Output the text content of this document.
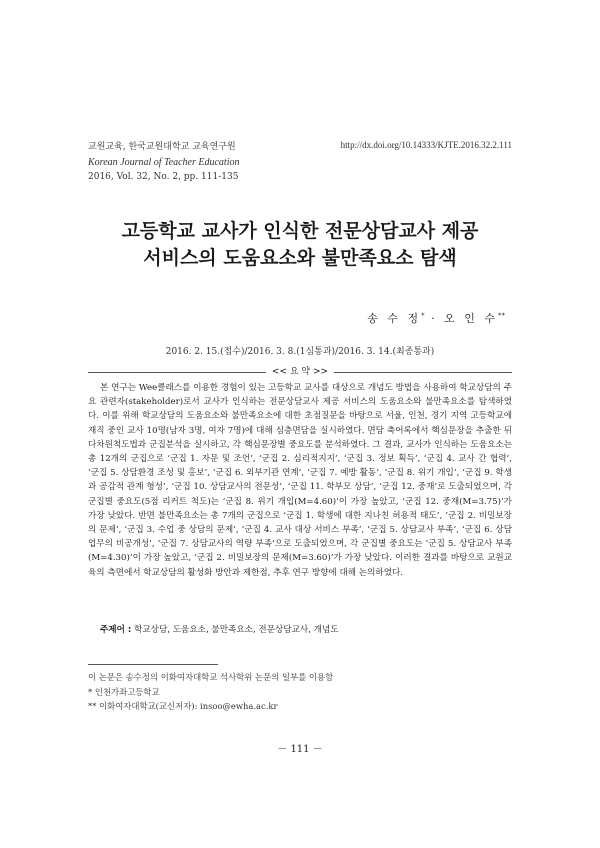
교원교육, 한국교원대학교 교육연구원
Korean Journal of Teacher Education
2016, Vol. 32, No. 2, pp. 111-135
http://dx.doi.org/10.14333/KJTE.2016.32.2.111
고등학교 교사가 인식한 전문상담교사 제공
서비스의 도움요소와 불만족요소 탐색
송 수 정* · 오 인 수**
2016. 2. 15.(접수)/2016. 3. 8.(1심통과)/2016. 3. 14.(최종통과)
<< 요 약 >>

본 연구는 Wee클래스를 이용한 경험이 있는 고등학교 교사를 대상으로 개념도 방법을 사용하여 학교상담의 주요 관련자(stakeholder)로서 교사가 인식하는 전문상담교사 제공 서비스의 도움요소와 불만족요소를 탐색하였다. 이를 위해 학교상담의 도움요소와 불만족요소에 대한 초점질문을 바탕으로 서울, 인천, 경기 지역 고등학교에 재직 중인 교사 10명(남자 3명, 여자 7명)에 대해 심층면담을 실시하였다. 면담 축어록에서 핵심문장을 추출한 뒤 다차원척도법과 군집분석을 실시하고, 각 핵심문장별 중요도를 분석하였다. 그 결과, 교사가 인식하는 도움요소는 총 12개의 군집으로 ‘군집 1. 자문 및 조언’, ‘군집 2. 심리적지지’, ‘군집 3. 정보 획득’, ‘군집 4. 교사 간 협력’, ‘군집 5. 상담환경 조성 및 홍보’, ‘군집 6. 외부기관 연계’, ‘군집 7. 예방 활동’, ‘군집 8. 위기 개입’, ‘군집 9. 학생과 공감적 관계 형성’, ‘군집 10. 상담교사의 전문성’, ‘군집 11. 학부모 상담’, ‘군집 12. 중재’로 도출되었으며, 각 군집별 중요도(5점 리커트 척도)는 ‘군집 8. 위기 개입(M=4.60)’이 가장 높았고, ‘군집 12. 중재(M=3.75)’가 가장 낮았다. 반면 불만족요소는 총 7개의 군집으로 ‘군집 1. 학생에 대한 지나친 허용적 태도’, ‘군집 2. 비밀보장의 문제’, ‘군집 3. 수업 중 상담의 문제’, ‘군집 4. 교사 대상 서비스 부족’, ‘군집 5. 상담교사 부족’, ‘군집 6. 상담 업무의 비공개성’, ‘군집 7. 상담교사의 역량 부족’으로 도출되었으며, 각 군집별 중요도는 ‘군집 5. 상담교사 부족(M=4.30)’이 가장 높았고, ‘군집 2. 비밀보장의 문제(M=3.60)’가 가장 낮았다. 이러한 결과를 바탕으로 교원교육의 측면에서 학교상담의 활성화 방안과 제한점, 추후 연구 방향에 대해 논의하였다.

주제어 : 학교상담, 도움요소, 불만족요소, 전문상담교사, 개념도
이 논문은 송수정의 이화여자대학교 석사학위 논문의 일부를 이용함
* 인천가좌고등학교
** 이화여자대학교(교신저자): insoo@ewha.ac.kr
－ 111 －
